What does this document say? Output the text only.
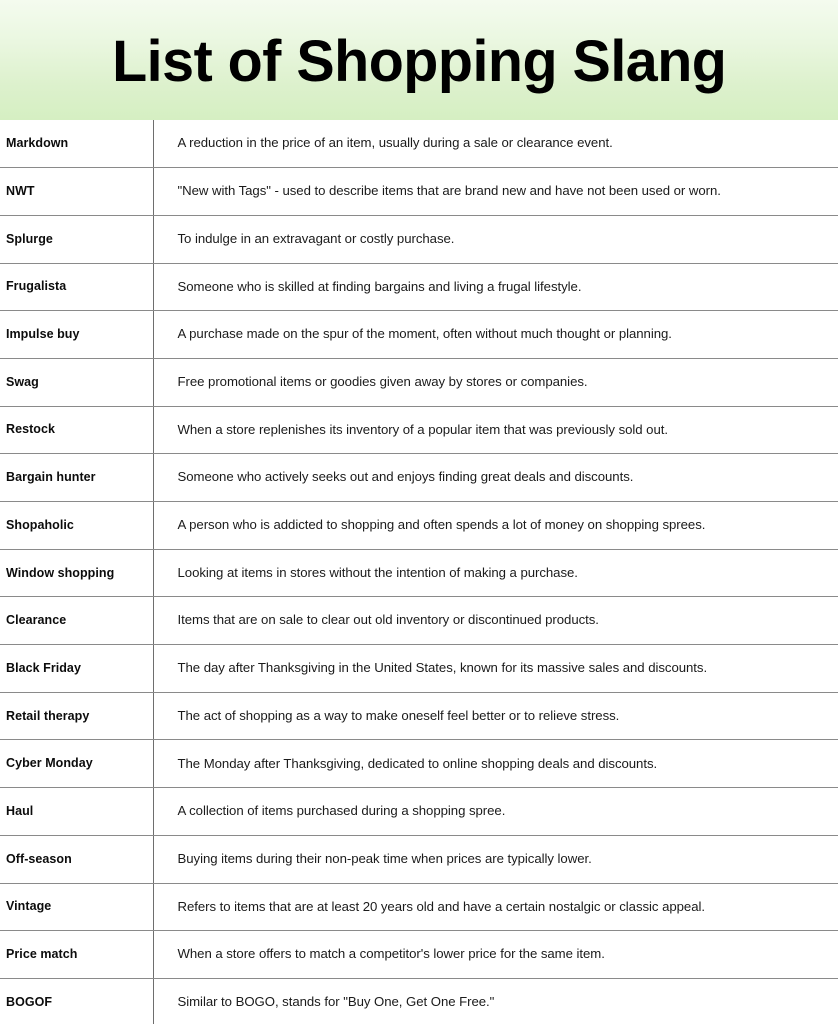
List of Shopping Slang
Markdown	A reduction in the price of an item, usually during a sale or clearance event.
NWT	"New with Tags" - used to describe items that are brand new and have not been used or worn.
Splurge	To indulge in an extravagant or costly purchase.
Frugalista	Someone who is skilled at finding bargains and living a frugal lifestyle.
Impulse buy	A purchase made on the spur of the moment, often without much thought or planning.
Swag	Free promotional items or goodies given away by stores or companies.
Restock	When a store replenishes its inventory of a popular item that was previously sold out.
Bargain hunter	Someone who actively seeks out and enjoys finding great deals and discounts.
Shopaholic	A person who is addicted to shopping and often spends a lot of money on shopping sprees.
Window shopping	Looking at items in stores without the intention of making a purchase.
Clearance	Items that are on sale to clear out old inventory or discontinued products.
Black Friday	The day after Thanksgiving in the United States, known for its massive sales and discounts.
Retail therapy	The act of shopping as a way to make oneself feel better or to relieve stress.
Cyber Monday	The Monday after Thanksgiving, dedicated to online shopping deals and discounts.
Haul	A collection of items purchased during a shopping spree.
Off-season	Buying items during their non-peak time when prices are typically lower.
Vintage	Refers to items that are at least 20 years old and have a certain nostalgic or classic appeal.
Price match	When a store offers to match a competitor's lower price for the same item.
BOGOF	Similar to BOGO, stands for "Buy One, Get One Free."
